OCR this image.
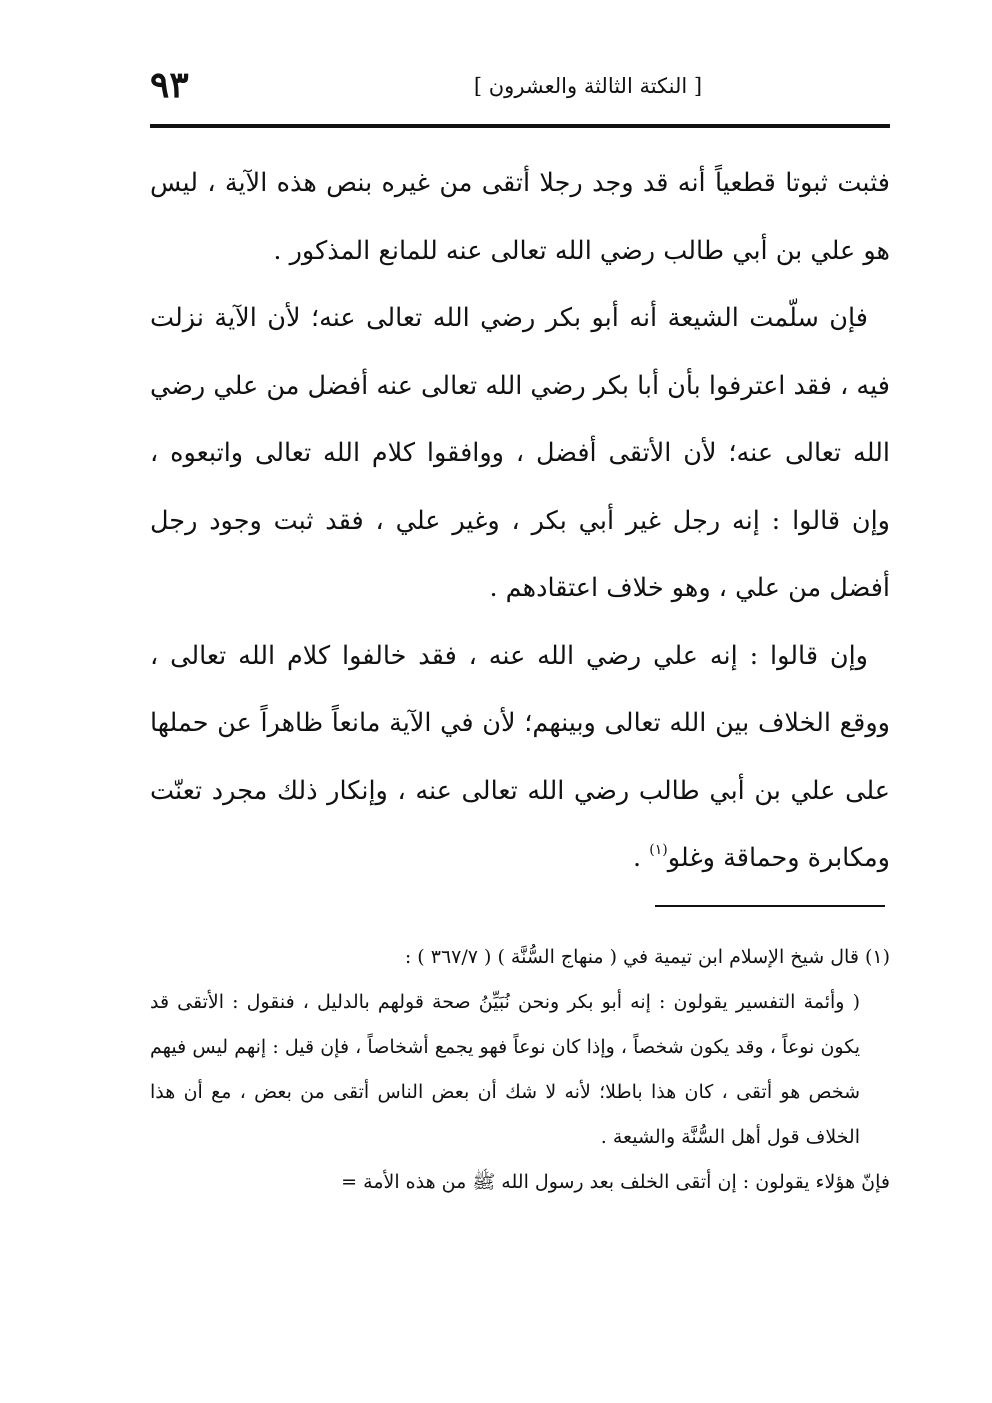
٩٣	[ النكتة الثالثة والعشرون ]

فثبت ثبوتا قطعياً أنه قد وجد رجلا أتقى من غيره بنص هذه الآية ، ليس هو علي بن أبي طالب رضي الله تعالى عنه للمانع المذكور .

فإن سلّمت الشيعة أنه أبو بكر رضي الله تعالى عنه؛ لأن الآية نزلت فيه ، فقد اعترفوا بأن أبا بكر رضي الله تعالى عنه أفضل من علي رضي الله تعالى عنه؛ لأن الأتقى أفضل ، ووافقوا كلام الله تعالى واتبعوه ، وإن قالوا : إنه رجل غير أبي بكر ، وغير علي ، فقد ثبت وجود رجل أفضل من علي ، وهو خلاف اعتقادهم .

وإن قالوا : إنه علي رضي الله عنه ، فقد خالفوا كلام الله تعالى ، ووقع الخلاف بين الله تعالى وبينهم؛ لأن في الآية مانعاً ظاهراً عن حملها على علي بن أبي طالب رضي الله تعالى عنه ، وإنكار ذلك مجرد تعنّت ومكابرة وحماقة وغلو$^{(١)}$ .

(١) قال شيخ الإسلام ابن تيمية في ( منهاج السُّنَّة ) ( ٣٦٧/٧ ) :

( وأئمة التفسير يقولون : إنه أبو بكر ونحن نُبَيِّنُ صحة قولهم بالدليل ، فنقول : الأتقى قد يكون نوعاً ، وقد يكون شخصاً ، وإذا كان نوعاً فهو يجمع أشخاصاً ، فإن قيل : إنهم ليس فيهم شخص هو أتقى ، كان هذا باطلا؛ لأنه لا شك أن بعض الناس أتقى من بعض ، مع أن هذا الخلاف قول أهل السُّنَّة والشيعة .

فإنّ هؤلاء يقولون : إن أتقى الخلف بعد رسول الله ﷺ من هذه الأمة =
